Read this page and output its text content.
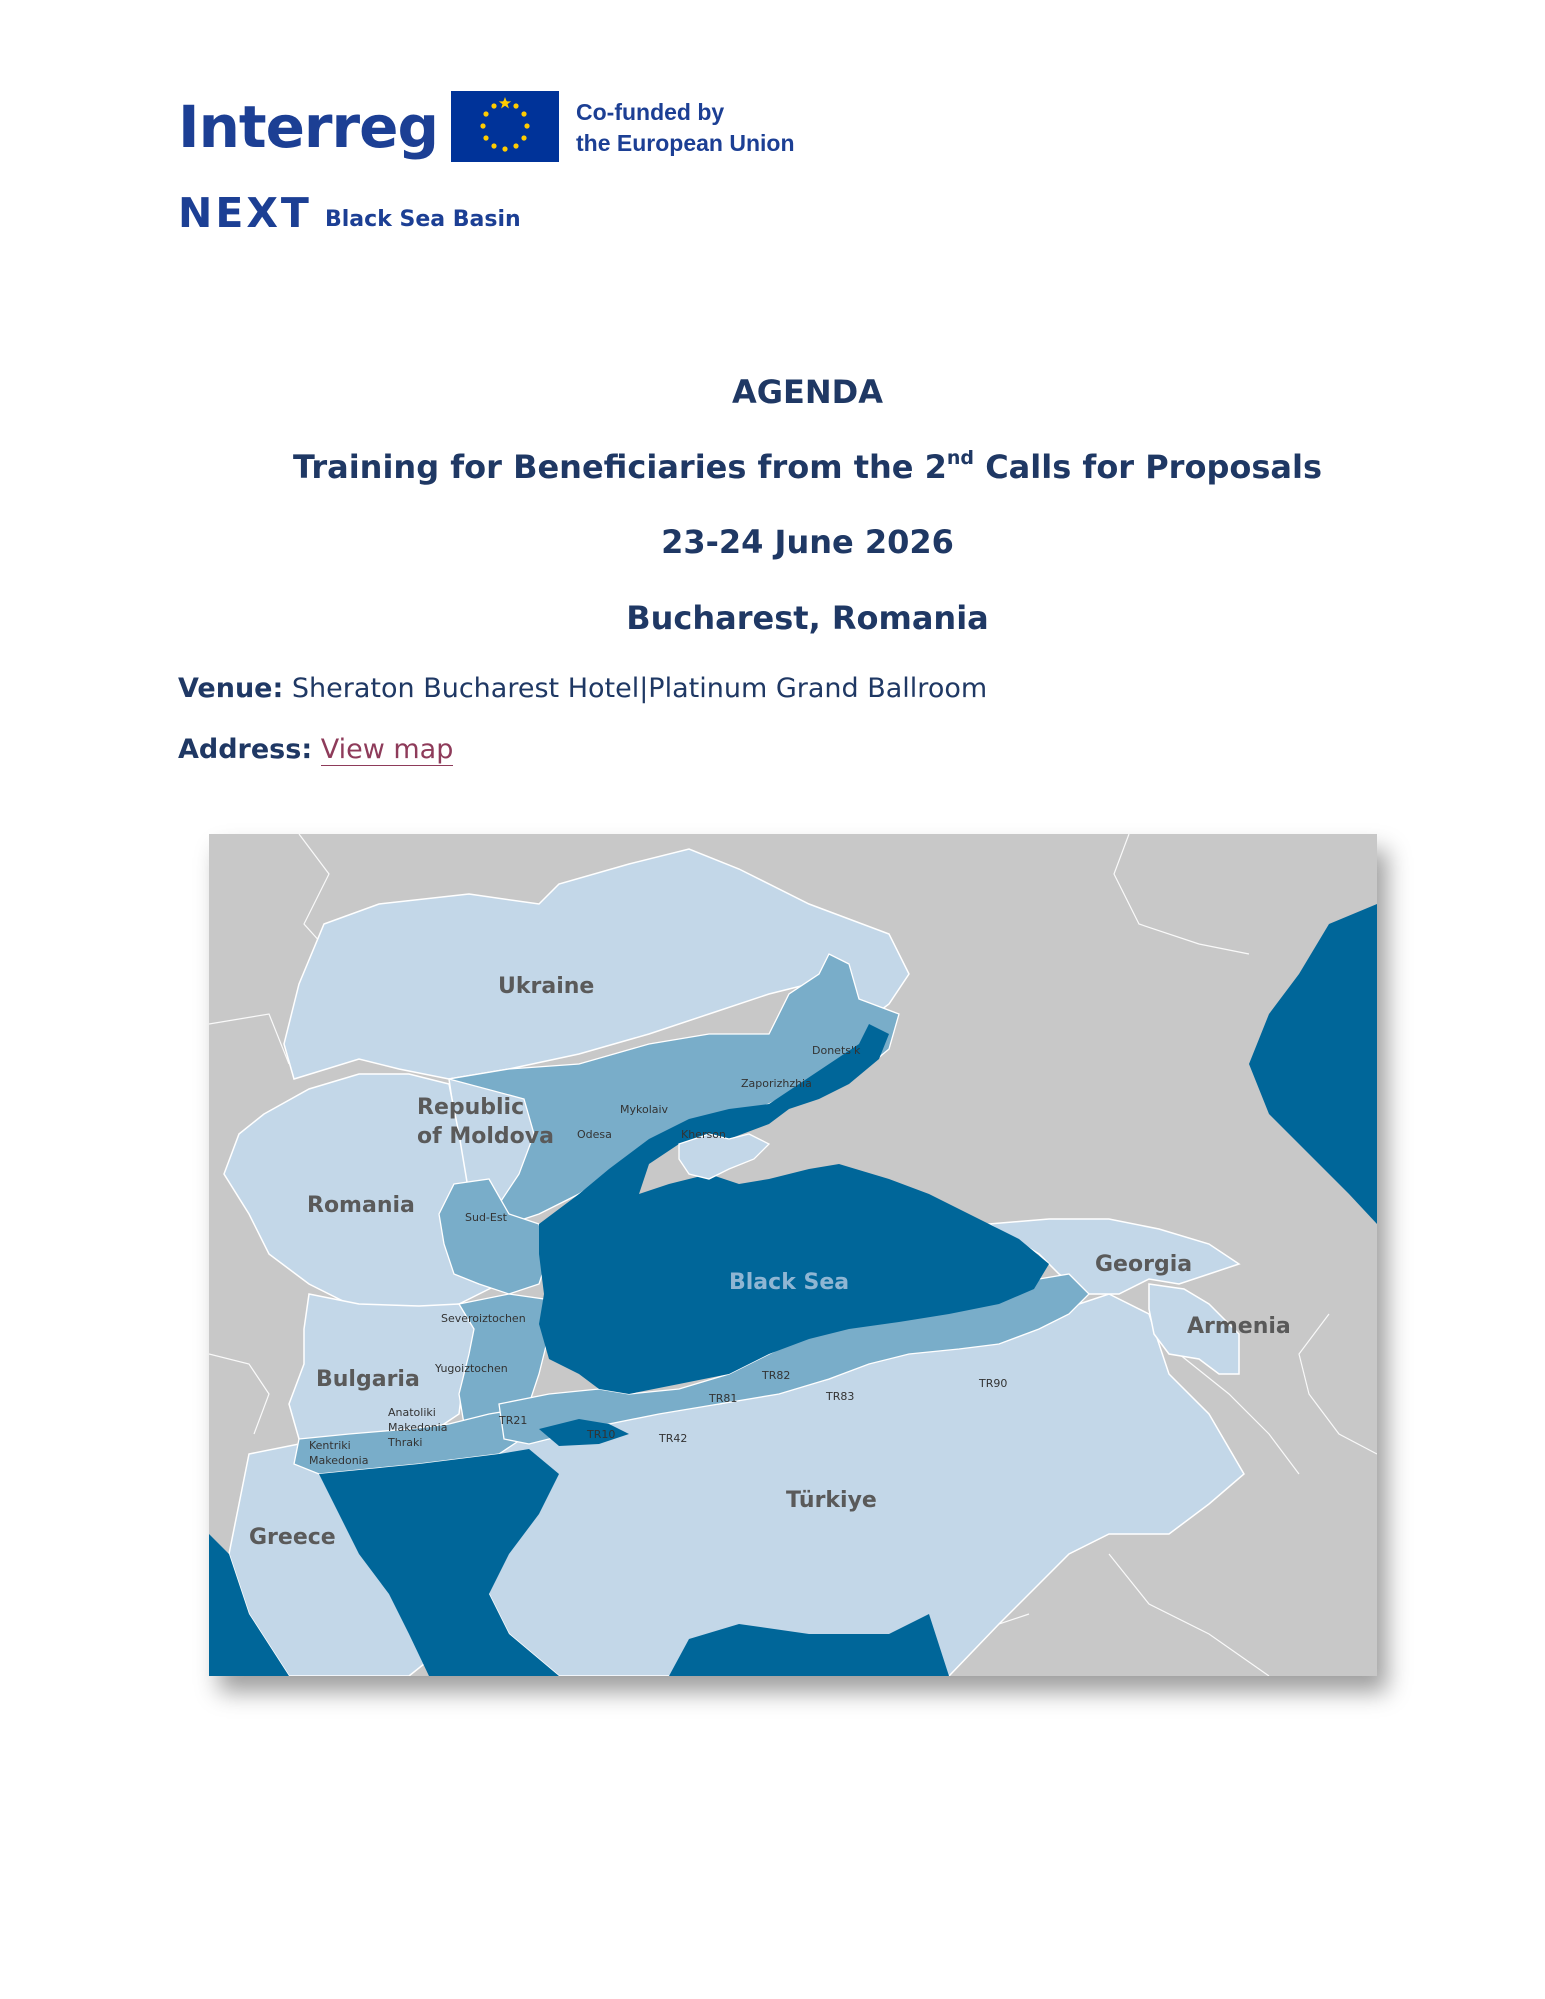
Interreg	Co-funded by
the European Union
NEXT Black Sea Basin
AGENDA
Training for Beneficiaries from the 2nd Calls for Proposals
23-24 June 2026
Bucharest, Romania
Venue: Sheraton Bucharest Hotel|Platinum Grand Ballroom
Address: View map
Ukraine
Republic
of Moldova
Romania
Bulgaria
Greece
Türkiye
Georgia
Armenia
Black Sea
Donets'k
Zaporizhzhia
Mykolaiv
Odesa	Kherson
Sud-Est
Severoiztochen
Yugoiztochen
Anatoliki
Makedonia
Thraki
Kentriki
Makedonia
TR21
TR10	TR42
TR81
TR82
TR83
TR90
